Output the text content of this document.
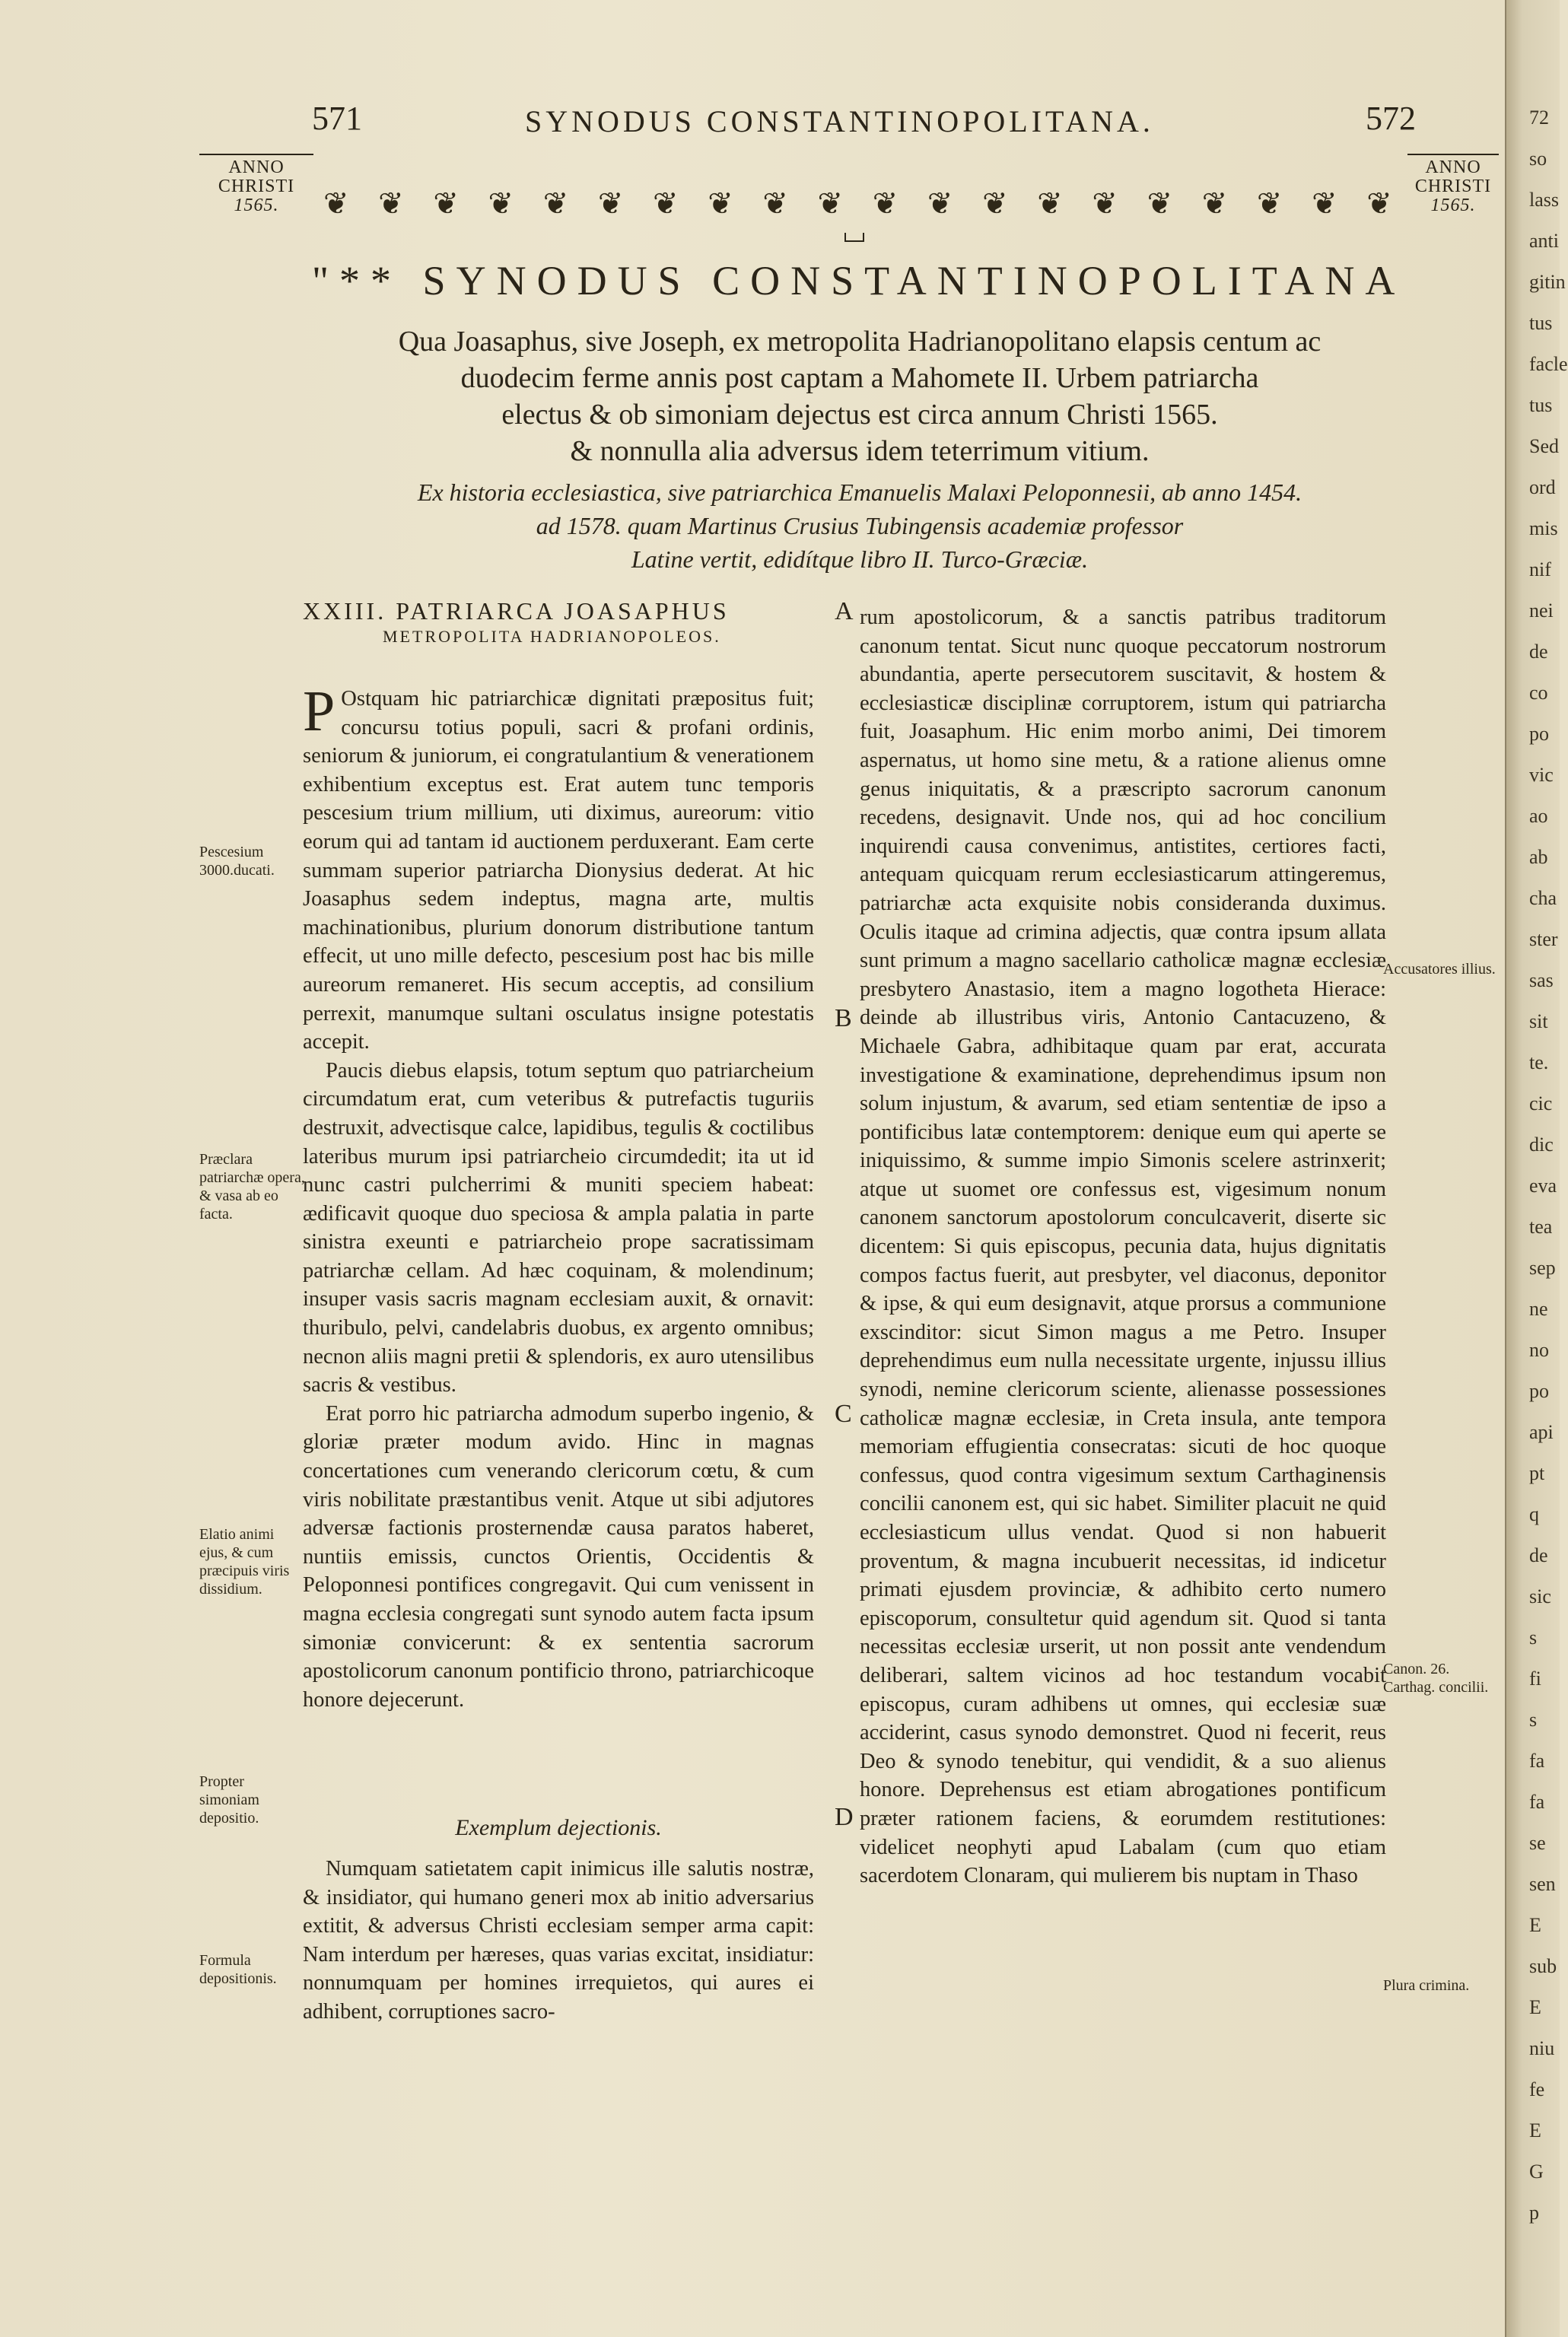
571	SYNODUS CONSTANTINOPOLITANA.	572
ANNO
CHRISTI
1565.
ANNO
CHRISTI
1565.
❦ ❦ ❦ ❦ ❦ ❦ ❦ ❦ ❦ ❦ ❦ ❦ ❦ ❦ ❦ ❦ ❦ ❦ ❦ ❦
"** SYNODUS CONSTANTINOPOLITANA
Qua Joasaphus, sive Joseph, ex metropolita Hadrianopolitano elapsis centum ac
duodecim ferme annis post captam a Mahomete II. Urbem patriarcha
electus & ob simoniam dejectus est circa annum Christi 1565.
& nonnulla alia adversus idem teterrimum vitium.
Ex historia ecclesiastica, sive patriarchica Emanuelis Malaxi Peloponnesii, ab anno 1454.
ad 1578. quam Martinus Crusius Tubingensis academiæ professor
Latine vertit, edidítque libro II. Turco-Græciæ.
XXIII. PATRIARCA JOASAPHUS
METROPOLITA HADRIANOPOLEOS.

P Ostquam hic patriarchicæ dignitati præpositus fuit; concursu totius populi, sacri & profani ordinis, seniorum & juniorum, ei congratulantium & venerationem exhibentium exceptus est. Erat autem tunc temporis pescesium trium millium, uti diximus, aureorum: vitio eorum qui ad tantam id auctionem perduxerant. Eam certe summam superior patriarcha Dionysius dederat. At hic Joasaphus sedem indeptus, magna arte, multis machinationibus, plurium donorum distributione tantum effecit, ut uno mille defecto, pescesium post hac bis mille aureorum remaneret. His secum acceptis, ad consilium perrexit, manumque sultani osculatus insigne potestatis accepit.

Paucis diebus elapsis, totum septum quo patriarcheium circumdatum erat, cum veteribus & putrefactis tuguriis destruxit, advectisque calce, lapidibus, tegulis & coctilibus lateribus murum ipsi patriarcheio circumdedit; ita ut id nunc castri pulcherrimi & muniti speciem habeat: ædificavit quoque duo speciosa & ampla palatia in parte sinistra exeunti e patriarcheio prope sacratissimam patriarchæ cellam. Ad hæc coquinam, & molendinum; insuper vasis sacris magnam ecclesiam auxit, & ornavit: thuribulo, pelvi, candelabris duobus, ex argento omnibus; necnon aliis magni pretii & splendoris, ex auro utensilibus sacris & vestibus.

Erat porro hic patriarcha admodum superbo ingenio, & gloriæ præter modum avido. Hinc in magnas concertationes cum venerando clericorum cœtu, & cum viris nobilitate præstantibus venit. Atque ut sibi adjutores adversæ factionis prosternendæ causa paratos haberet, nuntiis emissis, cunctos Orientis, Occidentis & Peloponnesi pontifices congregavit. Qui cum venissent in magna ecclesia congregati sunt synodo autem facta ipsum simoniæ convicerunt: & ex sententia sacrorum apostolicorum canonum pontificio throno, patriarchicoque honore dejecerunt.

Exemplum dejectionis.

Numquam satietatem capit inimicus ille salutis nostræ, & insidiator, qui humano generi mox ab initio adversarius extitit, & adversus Christi ecclesiam semper arma capit: Nam interdum per hæreses, quas varias excitat, insidiatur: nonnumquam per homines irrequietos, qui aures ei adhibent, corruptiones sacro-

rum apostolicorum, & a sanctis patribus traditorum canonum tentat. Sicut nunc quoque peccatorum nostrorum abundantia, aperte persecutorem suscitavit, & hostem & ecclesiasticæ disciplinæ corruptorem, istum qui patriarcha fuit, Joasaphum. Hic enim morbo animi, Dei timorem aspernatus, ut homo sine metu, & a ratione alienus omne genus iniquitatis, & a præscripto sacrorum canonum recedens, designavit. Unde nos, qui ad hoc concilium inquirendi causa convenimus, antistites, certiores facti, antequam quicquam rerum ecclesiasticarum attingeremus, patriarchæ acta exquisite nobis considerandа duximus. Oculis itaque ad crimina adjectis, quæ contra ipsum allata sunt primum a magno sacellario catholicæ magnæ ecclesiæ presbytero Anastasio, item a magno logotheta Hierace: deinde ab illustribus viris, Antonio Cantacuzeno, & Michaele Gabra, adhibitaque quam par erat, accurata investigatione & examinatione, deprehendimus ipsum non solum injustum, & avarum, sed etiam sententiæ de ipso a pontificibus latæ contemptorem: denique eum qui aperte se iniquissimo, & summe impio Simonis scelere astrinxerit; atque ut suomet ore confessus est, vigesimum nonum canonem sanctorum apostolorum conculcaverit, diserte sic dicentem: Si quis episcopus, pecunia data, hujus dignitatis compos factus fuerit, aut presbyter, vel diaconus, deponitor & ipse, & qui eum designavit, atque prorsus a communione exscinditor: sicut Simon magus a me Petro. Insuper deprehendimus eum nulla necessitate urgente, injussu illius synodi, nemine clericorum sciente, alienasse possessiones catholicæ magnæ ecclesiæ, in Creta insula, ante tempora memoriam effugientia consecratas: sicuti de hoc quoque confessus, quod contra vigesimum sextum Carthaginensis concilii canonem est, qui sic habet. Similiter placuit ne quid ecclesiasticum ullus vendat. Quod si non habuerit proventum, & magna incubuerit necessitas, id indicetur primati ejusdem provinciæ, & adhibito certo numero episcoporum, consultetur quid agendum sit. Quod si tanta necessitas ecclesiæ urserit, ut non possit ante vendendum deliberari, saltem vicinos ad hoc testandum vocabit episcopus, curam adhibens ut omnes, qui ecclesiæ suæ acciderint, casus synodo demonstret. Quod ni fecerit, reus Deo & synodo tenebitur, qui vendidit, & a suo alienus honore. Deprehensus est etiam abrogationes pontificum præter rationem faciens, & eorumdem restitutiones: videlicet neophyti apud Labalam (cum quo etiam sacerdotem Clonaram, qui mulierem bis nuptam in Thaso

A
B
C
D
Pescesium 3000.ducati.
Præclara patriarchæ opera, & vasa ab eo facta.
Elatio animi ejus, & cum præcipuis viris dissidium.
Propter simoniam depositio.
Formula depositionis.
Accusatores illius.
Canon. 26. Carthag. concilii.
Plura crimina.
72
so
lass
anti
gitin
tus
facle
tus
Sed
ord
mis
nif
nei
de
co
po
vic
ao
ab
cha
ster
sas
sit
te.
cic
dic
eva
tea
sep
ne
no
po
api
pt
q
de
sic
s
fi
s
fa
fa
se
sen
E
sub
E
niu
fe
E
G
p
